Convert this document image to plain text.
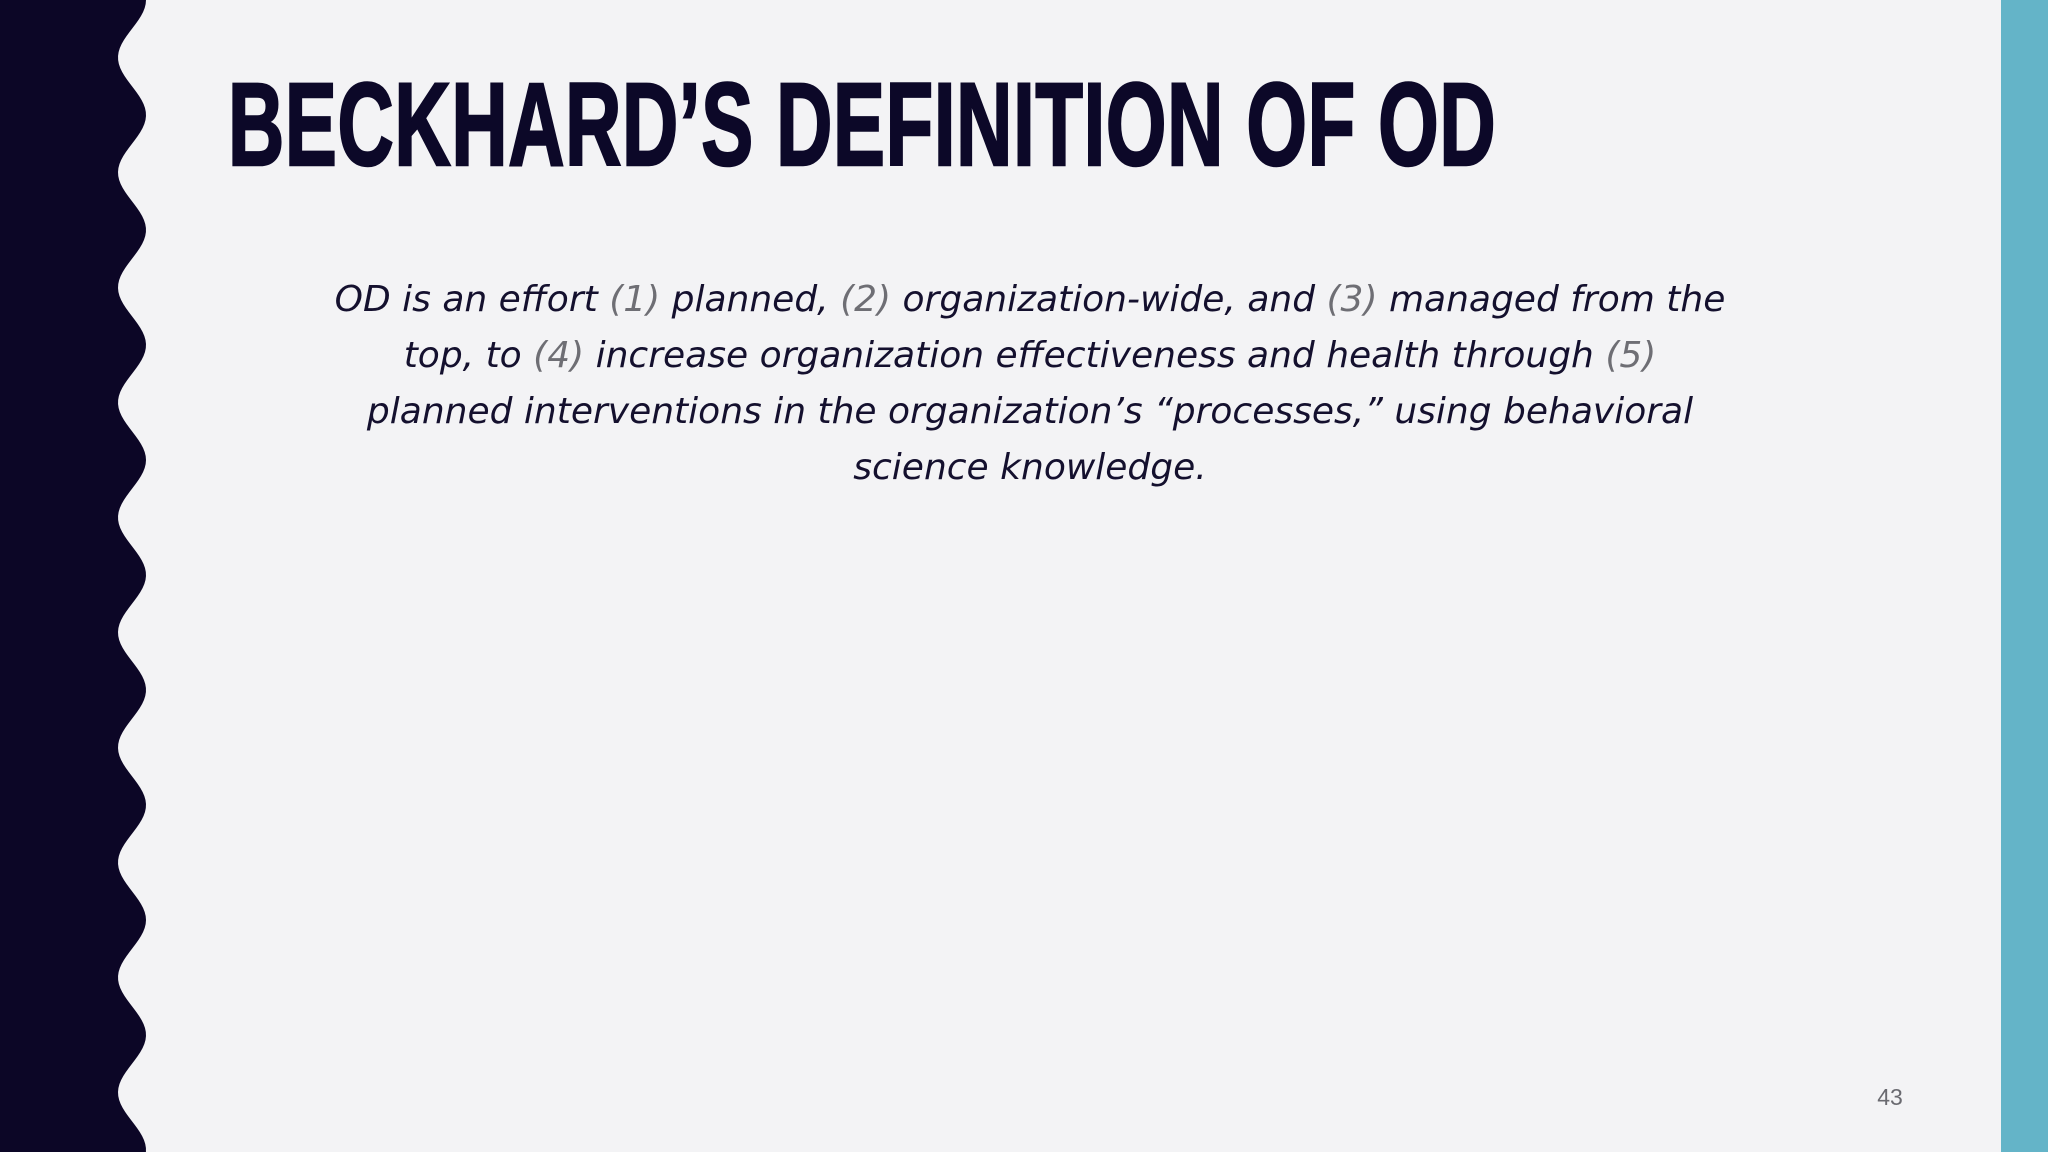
BECKHARD’S DEFINITION OF OD

OD is an effort (1) planned, (2) organization-wide, and (3) managed from the top, to (4) increase organization effectiveness and health through (5) planned interventions in the organization’s “processes,” using behavioral science knowledge.

43
